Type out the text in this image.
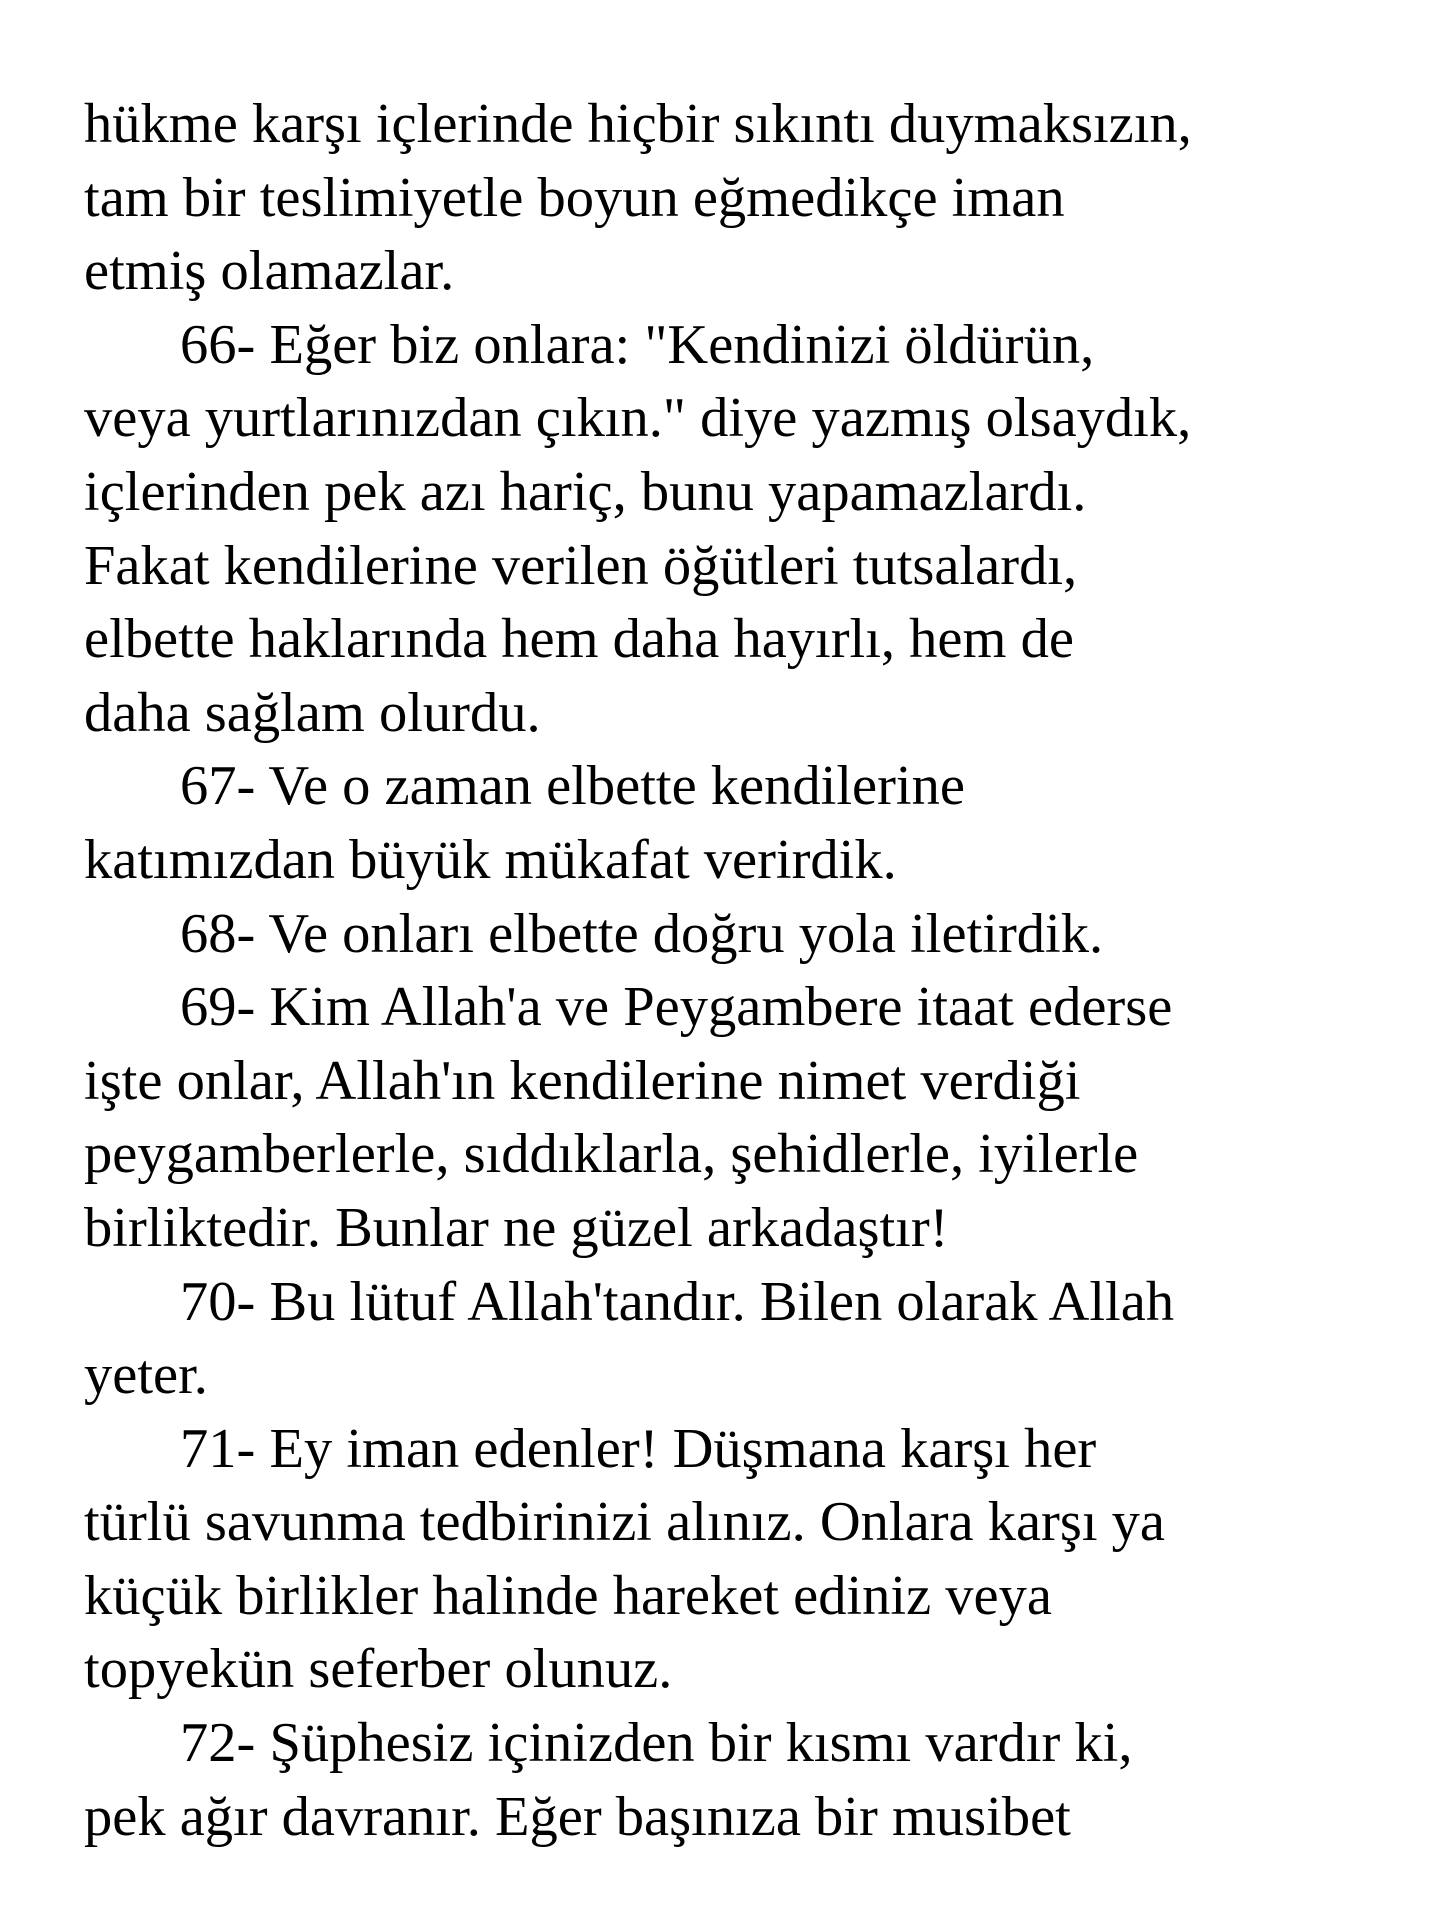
hükme karşı içlerinde hiçbir sıkıntı duymaksızın,
tam bir teslimiyetle boyun eğmedikçe iman
etmiş olamazlar.
66- Eğer biz onlara: "Kendinizi öldürün,
veya yurtlarınızdan çıkın." diye yazmış olsaydık,
içlerinden pek azı hariç, bunu yapamazlardı.
Fakat kendilerine verilen öğütleri tutsalardı,
elbette haklarında hem daha hayırlı, hem de
daha sağlam olurdu.
67- Ve o zaman elbette kendilerine
katımızdan büyük mükafat verirdik.
68- Ve onları elbette doğru yola iletirdik.
69- Kim Allah'a ve Peygambere itaat ederse
işte onlar, Allah'ın kendilerine nimet verdiği
peygamberlerle, sıddıklarla, şehidlerle, iyilerle
birliktedir. Bunlar ne güzel arkadaştır!
70- Bu lütuf Allah'tandır. Bilen olarak Allah
yeter.
71- Ey iman edenler! Düşmana karşı her
türlü savunma tedbirinizi alınız. Onlara karşı ya
küçük birlikler halinde hareket ediniz veya
topyekün seferber olunuz.
72- Şüphesiz içinizden bir kısmı vardır ki,
pek ağır davranır. Eğer başınıza bir musibet
